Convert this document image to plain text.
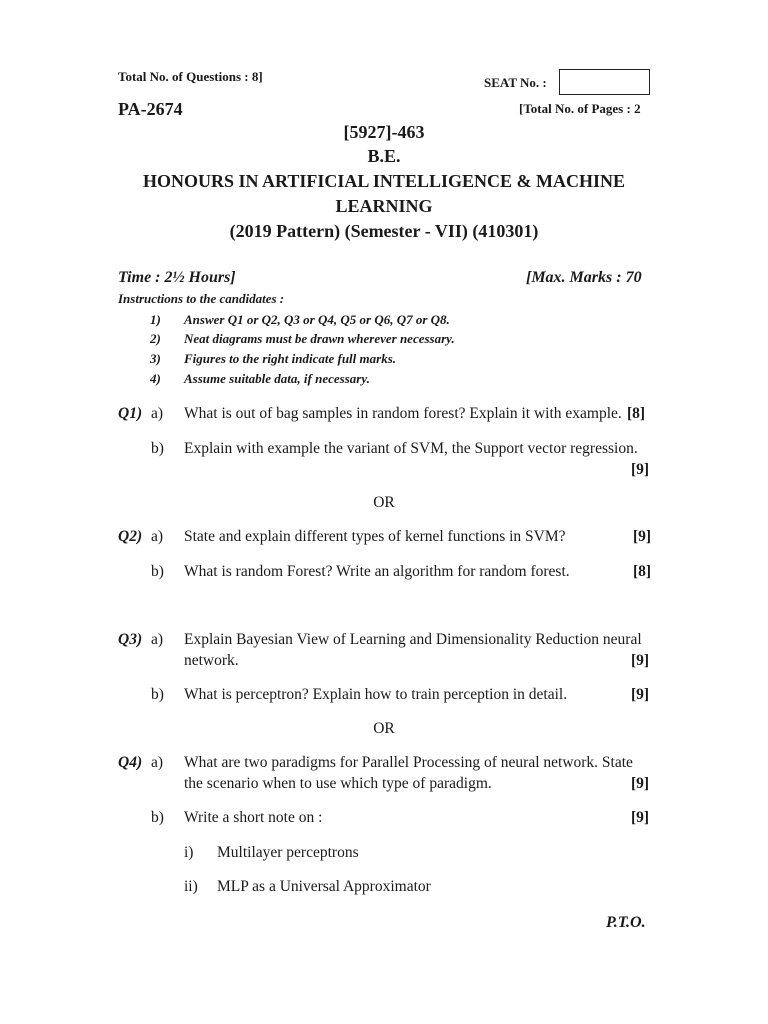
Total No. of Questions : 8]	SEAT No. :
PA-2674	[Total No. of Pages : 2
[5927]-463
B.E.
HONOURS IN ARTIFICIAL INTELLIGENCE & MACHINE
LEARNING
(2019 Pattern) (Semester - VII) (410301)
Time : 2½ Hours]	[Max. Marks : 70
Instructions to the candidates :
1) Answer Q1 or Q2, Q3 or Q4, Q5 or Q6, Q7 or Q8.
2) Neat diagrams must be drawn wherever necessary.
3) Figures to the right indicate full marks.
4) Assume suitable data, if necessary.
Q1) a) What is out of bag samples in random forest? Explain it with example. [8]
b) Explain with example the variant of SVM, the Support vector regression.
[9]
OR
Q2) a) State and explain different types of kernel functions in SVM?	[9]
b) What is random Forest? Write an algorithm for random forest.	[8]
Q3) a) Explain Bayesian View of Learning and Dimensionality Reduction neural
network.	[9]
b) What is perceptron? Explain how to train perception in detail.	[9]
OR
Q4) a) What are two paradigms for Parallel Processing of neural network. State
the scenario when to use which type of paradigm.	[9]
b) Write a short note on :	[9]
i) Multilayer perceptrons
ii) MLP as a Universal Approximator
P.T.O.
